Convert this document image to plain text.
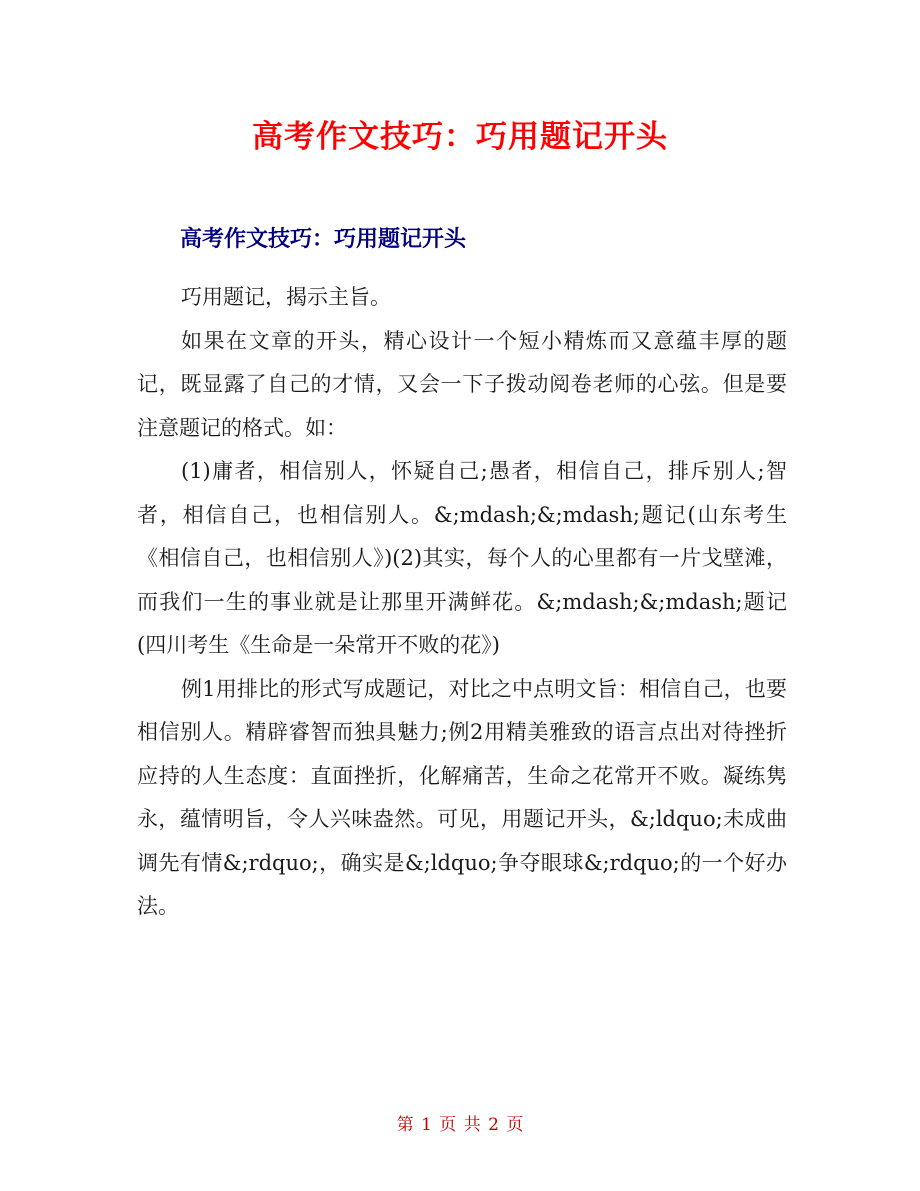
高考作文技巧：巧用题记开头
高考作文技巧：巧用题记开头

巧用题记，揭示主旨。

如果在文章的开头，精心设计一个短小精炼而又意蕴丰厚的题记，既显露了自己的才情，又会一下子拨动阅卷老师的心弦。但是要注意题记的格式。如：

(1)庸者，相信别人，怀疑自己;愚者，相信自己，排斥别人;智者，相信自己，也相信别人。&;mdash;&;mdash;题记(山东考生《相信自己，也相信别人》)(2)其实，每个人的心里都有一片戈壁滩，而我们一生的事业就是让那里开满鲜花。&;mdash;&;mdash;题记(四川考生《生命是一朵常开不败的花》)

例1用排比的形式写成题记，对比之中点明文旨：相信自己，也要相信别人。精辟睿智而独具魅力;例2用精美雅致的语言点出对待挫折应持的人生态度：直面挫折，化解痛苦，生命之花常开不败。凝练隽永，蕴情明旨，令人兴味盎然。可见，用题记开头，&;ldquo;未成曲调先有情&;rdquo;，确实是&;ldquo;争夺眼球&;rdquo;的一个好办法。

第 1 页 共 2 页
